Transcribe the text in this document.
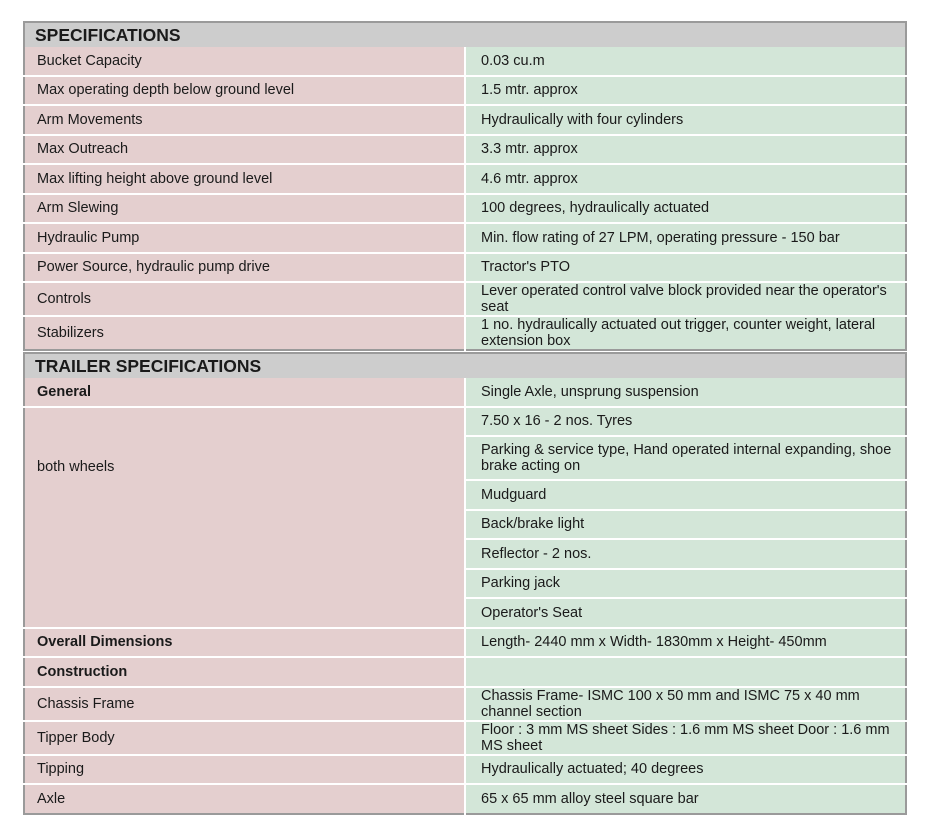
SPECIFICATIONS	
Bucket Capacity	0.03 cu.m
Max operating depth below ground level	1.5 mtr. approx
Arm Movements	Hydraulically with four cylinders
Max Outreach	3.3 mtr. approx
Max lifting height above ground level	4.6 mtr. approx
Arm Slewing	100 degrees, hydraulically actuated
Hydraulic Pump	Min. flow rating of 27 LPM, operating pressure - 150 bar
Power Source, hydraulic pump drive	Tractor's PTO
Controls	Lever operated control valve block provided near the operator's seat
Stabilizers	1 no. hydraulically actuated out trigger, counter weight, lateral extension box
TRAILER SPECIFICATIONS	
General	Single Axle, unsprung suspension
both wheels	7.50 x 16 - 2 nos. Tyres
	Parking & service type, Hand operated internal expanding, shoe brake acting on
	Mudguard
	Back/brake light
	Reflector - 2 nos.
	Parking jack
	Operator's Seat
Overall Dimensions	Length- 2440 mm x Width- 1830mm x Height- 450mm
Construction	
Chassis Frame	Chassis Frame- ISMC 100 x 50 mm and ISMC 75 x 40 mm channel section
Tipper Body	Floor : 3 mm MS sheet Sides : 1.6 mm MS sheet Door : 1.6 mm MS sheet
Tipping	Hydraulically actuated; 40 degrees
Axle	65 x 65 mm alloy steel square bar
